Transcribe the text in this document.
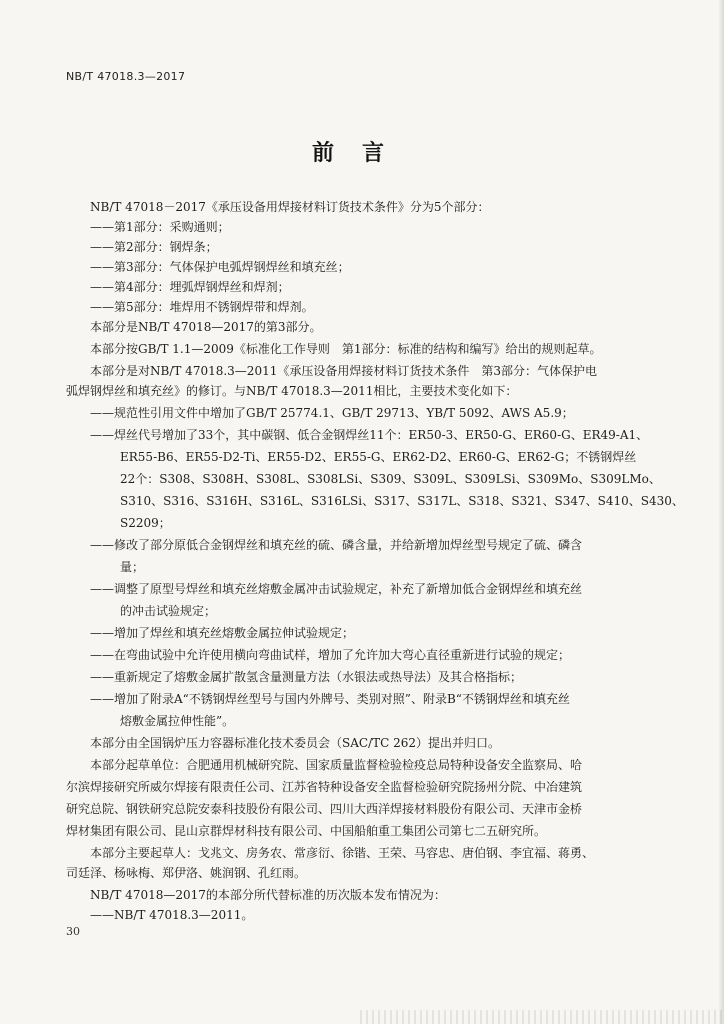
NB/T 47018.3—2017
前言
NB/T 47018－2017《承压设备用焊接材料订货技术条件》分为5个部分：
——第1部分：采购通则；
——第2部分：钢焊条；
——第3部分：气体保护电弧焊钢焊丝和填充丝；
——第4部分：埋弧焊钢焊丝和焊剂；
——第5部分：堆焊用不锈钢焊带和焊剂。
本部分是NB/T 47018—2017的第3部分。
本部分按GB/T 1.1—2009《标准化工作导则　第1部分：标准的结构和编写》给出的规则起草。
本部分是对NB/T 47018.3—2011《承压设备用焊接材料订货技术条件　第3部分：气体保护电
弧焊钢焊丝和填充丝》的修订。与NB/T 47018.3—2011相比，主要技术变化如下：
——规范性引用文件中增加了GB/T 25774.1、GB/T 29713、YB/T 5092、AWS A5.9；
——焊丝代号增加了33个，其中碳钢、低合金钢焊丝11个：ER50-3、ER50-G、ER60-G、ER49-A1、
ER55-B6、ER55-D2-Ti、ER55-D2、ER55-G、ER62-D2、ER60-G、ER62-G；不锈钢焊丝
22个：S308、S308H、S308L、S308LSi、S309、S309L、S309LSi、S309Mo、S309LMo、
S310、S316、S316H、S316L、S316LSi、S317、S317L、S318、S321、S347、S410、S430、
S2209；
——修改了部分原低合金钢焊丝和填充丝的硫、磷含量，并给新增加焊丝型号规定了硫、磷含
量；
——调整了原型号焊丝和填充丝熔敷金属冲击试验规定，补充了新增加低合金钢焊丝和填充丝
的冲击试验规定；
——增加了焊丝和填充丝熔敷金属拉伸试验规定；
——在弯曲试验中允许使用横向弯曲试样，增加了允许加大弯心直径重新进行试验的规定；
——重新规定了熔敷金属扩散氢含量测量方法（水银法或热导法）及其合格指标；
——增加了附录A“不锈钢焊丝型号与国内外牌号、类别对照”、附录B“不锈钢焊丝和填充丝
熔敷金属拉伸性能”。
本部分由全国锅炉压力容器标准化技术委员会（SAC/TC 262）提出并归口。
本部分起草单位：合肥通用机械研究院、国家质量监督检验检疫总局特种设备安全监察局、哈
尔滨焊接研究所威尔焊接有限责任公司、江苏省特种设备安全监督检验研究院扬州分院、中冶建筑
研究总院、钢铁研究总院安泰科技股份有限公司、四川大西洋焊接材料股份有限公司、天津市金桥
焊材集团有限公司、昆山京群焊材科技有限公司、中国船舶重工集团公司第七二五研究所。
本部分主要起草人：戈兆文、房务农、常彦衍、徐锴、王荣、马容忠、唐伯钢、李宜福、蒋勇、
司廷泽、杨咏梅、郑伊洛、姚润钢、孔红雨。
NB/T 47018—2017的本部分所代替标准的历次版本发布情况为：
——NB/T 47018.3—2011。
30
